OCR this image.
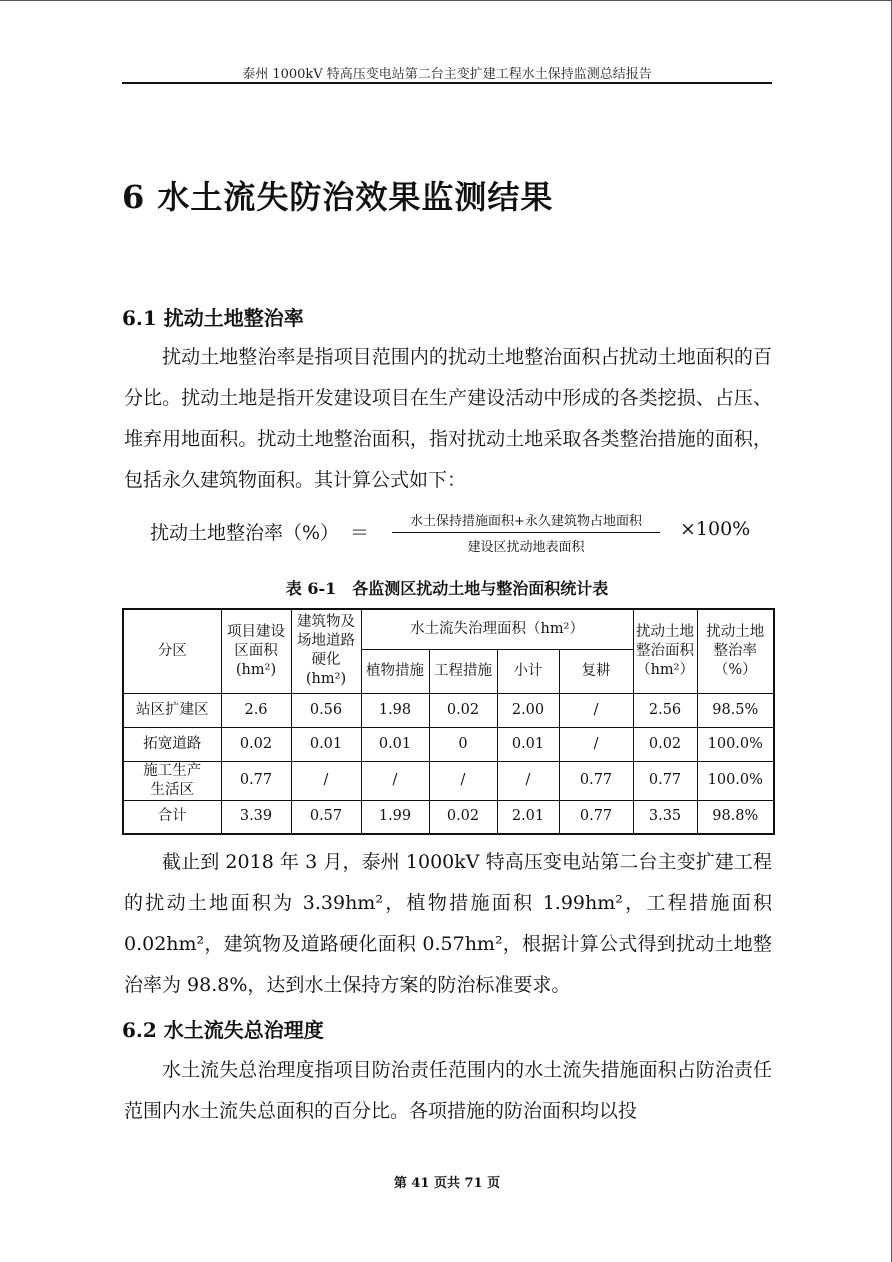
泰州 1000kV 特高压变电站第二台主变扩建工程水土保持监测总结报告
6 水土流失防治效果监测结果
6.1 扰动土地整治率

扰动土地整治率是指项目范围内的扰动土地整治面积占扰动土地面积的百分比。扰动土地是指开发建设项目在生产建设活动中形成的各类挖损、占压、堆弃用地面积。扰动土地整治面积，指对扰动土地采取各类整治措施的面积，包括永久建筑物面积。其计算公式如下：

扰动土地整治率（%） ＝
水土保持措施面积+永久建筑物占地面积
建设区扰动地表面积
×100%
表 6-1　各监测区扰动土地与整治面积统计表
分区	项目建设区面积(hm²)	建筑物及场地道路硬化(hm²)	水土流失治理面积（hm²）				扰动土地整治面积（hm²）	扰动土地整治率（%）
			植物措施	工程措施	小计	复耕		
站区扩建区	2.6	0.56	1.98	0.02	2.00	/	2.56	98.5%
拓宽道路	0.02	0.01	0.01	0	0.01	/	0.02	100.0%
施工生产生活区	0.77	/	/	/	/	0.77	0.77	100.0%
合计	3.39	0.57	1.99	0.02	2.01	0.77	3.35	98.8%

截止到 2018 年 3 月，泰州 1000kV 特高压变电站第二台主变扩建工程的扰动土地面积为 3.39hm²，植物措施面积 1.99hm²，工程措施面积 0.02hm²，建筑物及道路硬化面积 0.57hm²，根据计算公式得到扰动土地整治率为 98.8%，达到水土保持方案的防治标准要求。

6.2 水土流失总治理度

水土流失总治理度指项目防治责任范围内的水土流失措施面积占防治责任范围内水土流失总面积的百分比。各项措施的防治面积均以投

第 41 页共 71 页
